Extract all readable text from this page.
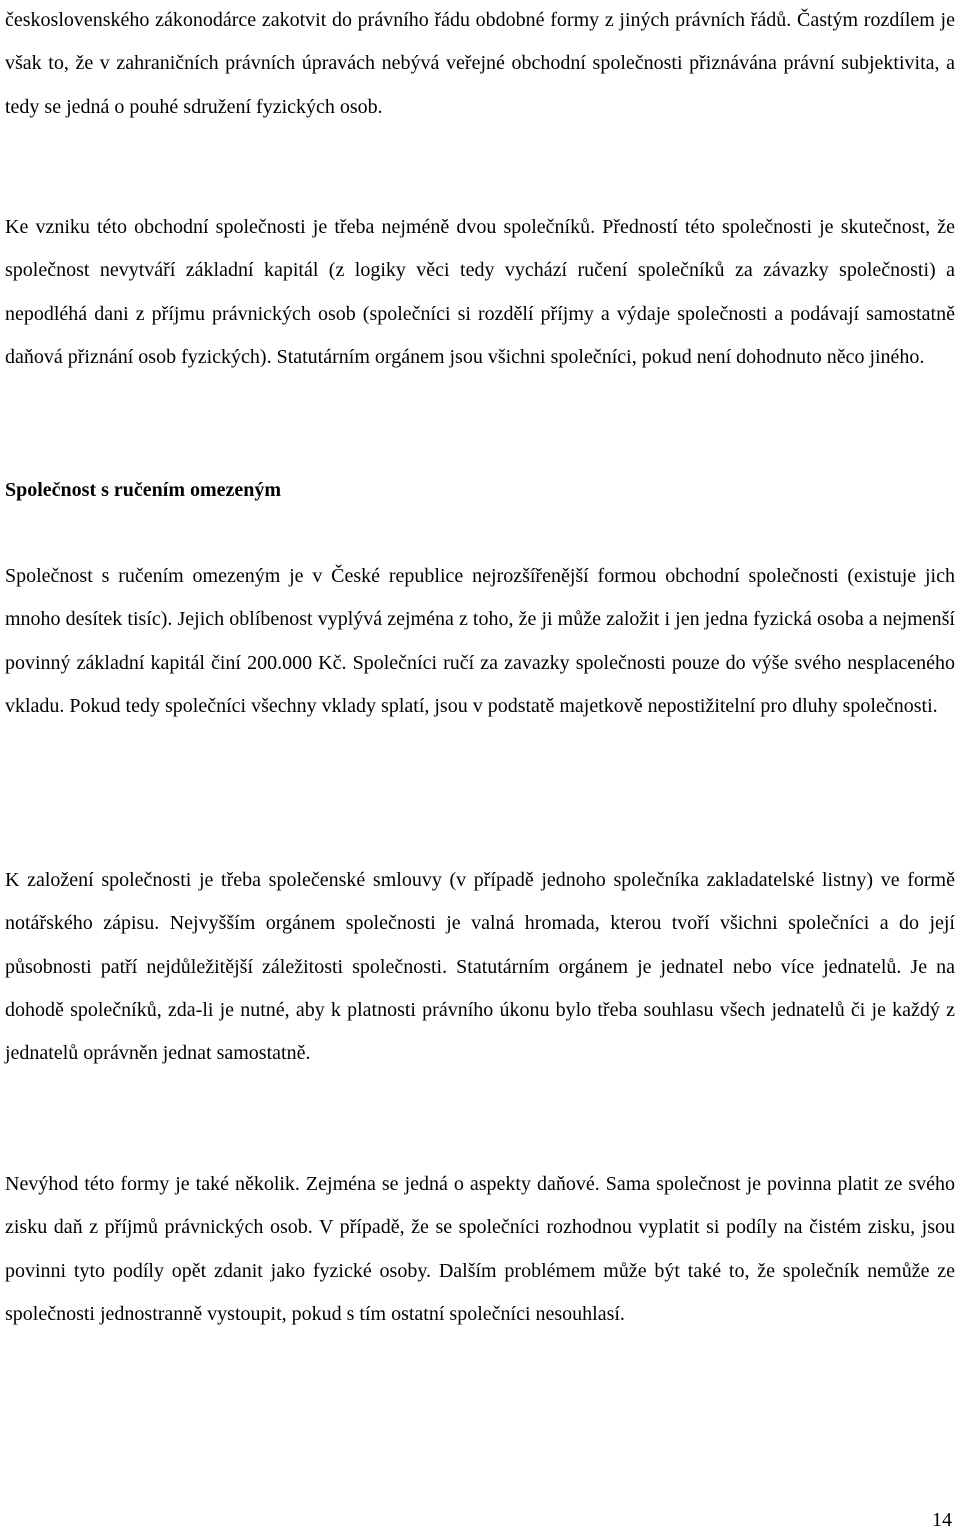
československého zákonodárce zakotvit do právního řádu obdobné formy z jiných právních řádů. Častým rozdílem je však to, že v zahraničních právních úpravách nebývá veřejné obchodní společnosti přiznávána právní subjektivita, a tedy se jedná o pouhé sdružení fyzických osob.

Ke vzniku této obchodní společnosti je třeba nejméně dvou společníků. Předností této společnosti je skutečnost, že společnost nevytváří základní kapitál (z logiky věci tedy vychází ručení společníků za závazky společnosti) a nepodléhá dani z příjmu právnických osob (společníci si rozdělí příjmy a výdaje společnosti a podávají samostatně daňová přiznání osob fyzických). Statutárním orgánem jsou všichni společníci, pokud není dohodnuto něco jiného.

Společnost s ručením omezeným

Společnost s ručením omezeným je v České republice nejrozšířenější formou obchodní společnosti (existuje jich mnoho desítek tisíc). Jejich oblíbenost vyplývá zejména z toho, že ji může založit i jen jedna fyzická osoba a nejmenší povinný základní kapitál činí 200.000 Kč. Společníci ručí za zavazky společnosti pouze do výše svého nesplaceného vkladu. Pokud tedy společníci všechny vklady splatí, jsou v podstatě majetkově nepostižitelní pro dluhy společnosti.

K založení společnosti je třeba společenské smlouvy (v případě jednoho společníka zakladatelské listny) ve formě notářského zápisu. Nejvyšším orgánem společnosti je valná hromada, kterou tvoří všichni společníci a do její působnosti patří nejdůležitější záležitosti společnosti. Statutárním orgánem je jednatel nebo více jednatelů. Je na dohodě společníků, zda-li je nutné, aby k platnosti právního úkonu bylo třeba souhlasu všech jednatelů či je každý z jednatelů oprávněn jednat samostatně.

Nevýhod této formy je také několik. Zejména se jedná o aspekty daňové. Sama společnost je povinna platit ze svého zisku daň z příjmů právnických osob. V případě, že se společníci rozhodnou vyplatit si podíly na čistém zisku, jsou povinni tyto podíly opět zdanit jako fyzické osoby. Dalším problémem může být také to, že společník nemůže ze společnosti jednostranně vystoupit, pokud s tím ostatní společníci nesouhlasí.

14
